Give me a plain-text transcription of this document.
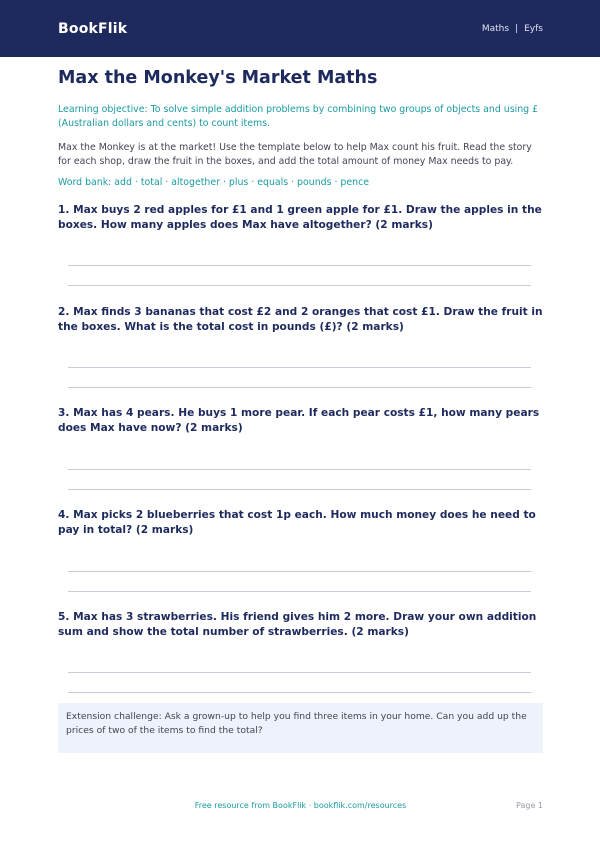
BookFlik	Maths | Eyfs
Max the Monkey's Market Maths

Learning objective: To solve simple addition problems by combining two groups of objects and using £ (Australian dollars and cents) to count items.

Max the Monkey is at the market! Use the template below to help Max count his fruit. Read the story for each shop, draw the fruit in the boxes, and add the total amount of money Max needs to pay.

Word bank: add · total · altogether · plus · equals · pounds · pence

1. Max buys 2 red apples for £1 and 1 green apple for £1. Draw the apples in the boxes. How many apples does Max have altogether? (2 marks)

2. Max finds 3 bananas that cost £2 and 2 oranges that cost £1. Draw the fruit in the boxes. What is the total cost in pounds (£)? (2 marks)

3. Max has 4 pears. He buys 1 more pear. If each pear costs £1, how many pears does Max have now? (2 marks)

4. Max picks 2 blueberries that cost 1p each. How much money does he need to pay in total? (2 marks)

5. Max has 3 strawberries. His friend gives him 2 more. Draw your own addition sum and show the total number of strawberries. (2 marks)

Extension challenge: Ask a grown-up to help you find three items in your home. Can you add up the prices of two of the items to find the total?

Free resource from BookFlik · bookflik.com/resources	Page 1
